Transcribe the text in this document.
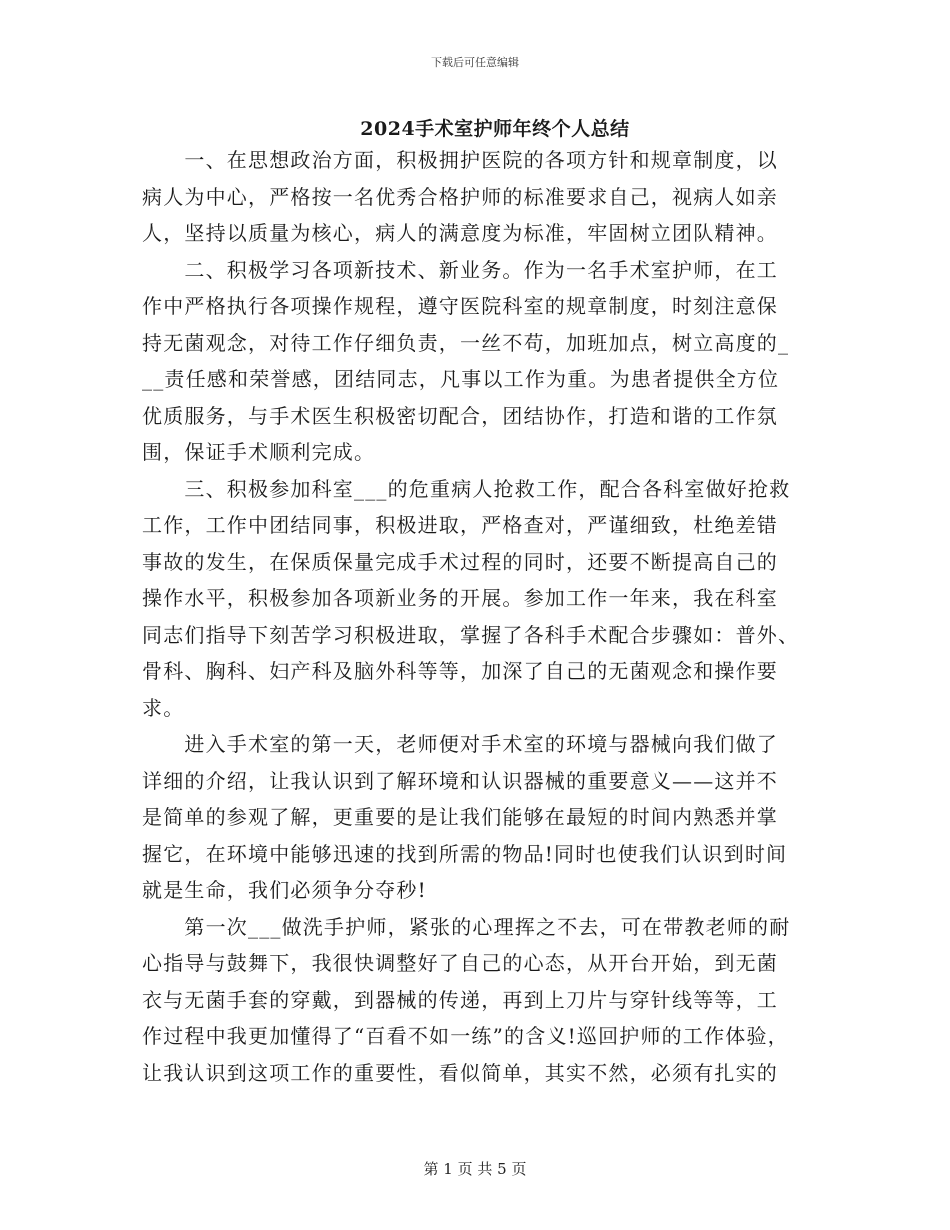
下载后可任意编辑
2024手术室护师年终个人总结
　　一、在思想政治方面，积极拥护医院的各项方针和规章制度，以
病人为中心，严格按一名优秀合格护师的标准要求自己，视病人如亲
人，坚持以质量为核心，病人的满意度为标准，牢固树立团队精神。
　　二、积极学习各项新技术、新业务。作为一名手术室护师，在工
作中严格执行各项操作规程，遵守医院科室的规章制度，时刻注意保
持无菌观念，对待工作仔细负责，一丝不苟，加班加点，树立高度的_
__责任感和荣誉感，团结同志，凡事以工作为重。为患者提供全方位
优质服务，与手术医生积极密切配合，团结协作，打造和谐的工作氛
围，保证手术顺利完成。
　　三、积极参加科室___的危重病人抢救工作，配合各科室做好抢救
工作，工作中团结同事，积极进取，严格查对，严谨细致，杜绝差错
事故的发生，在保质保量完成手术过程的同时，还要不断提高自己的
操作水平，积极参加各项新业务的开展。参加工作一年来，我在科室
同志们指导下刻苦学习积极进取，掌握了各科手术配合步骤如：普外、
骨科、胸科、妇产科及脑外科等等，加深了自己的无菌观念和操作要
求。
　　进入手术室的第一天，老师便对手术室的环境与器械向我们做了
详细的介绍，让我认识到了解环境和认识器械的重要意义——这并不
是简单的参观了解，更重要的是让我们能够在最短的时间内熟悉并掌
握它，在环境中能够迅速的找到所需的物品!同时也使我们认识到时间
就是生命，我们必须争分夺秒!
　　第一次___做洗手护师，紧张的心理挥之不去，可在带教老师的耐
心指导与鼓舞下，我很快调整好了自己的心态，从开台开始，到无菌
衣与无菌手套的穿戴，到器械的传递，再到上刀片与穿针线等等，工
作过程中我更加懂得了“百看不如一练”的含义!巡回护师的工作体验，
让我认识到这项工作的重要性，看似简单，其实不然，必须有扎实的
第 1 页 共 5 页
